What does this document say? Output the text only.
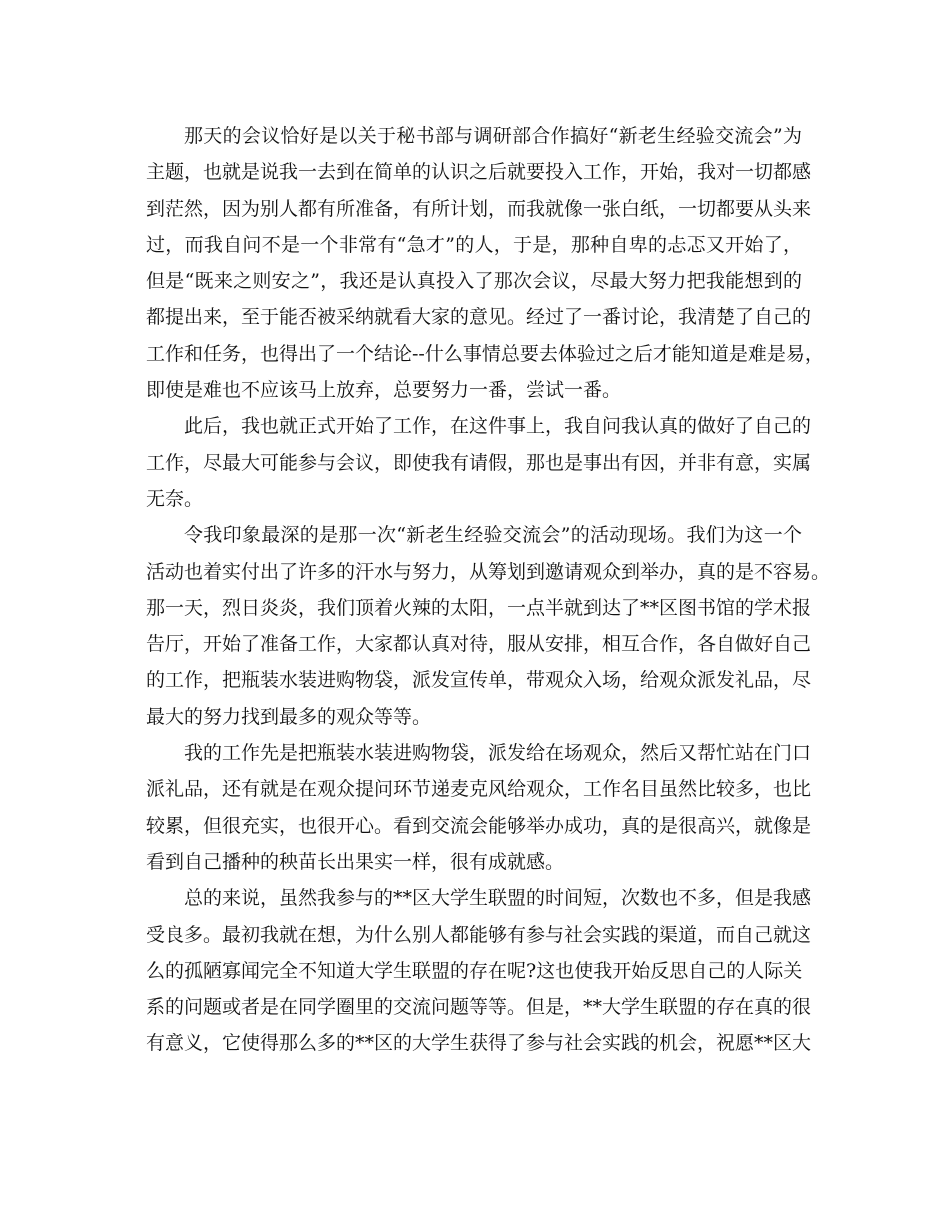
那天的会议恰好是以关于秘书部与调研部合作搞好“新老生经验交流会”为
主题，也就是说我一去到在简单的认识之后就要投入工作，开始，我对一切都感
到茫然，因为别人都有所准备，有所计划，而我就像一张白纸，一切都要从头来
过，而我自问不是一个非常有“急才”的人，于是，那种自卑的忐忑又开始了，
但是“既来之则安之”，我还是认真投入了那次会议，尽最大努力把我能想到的
都提出来，至于能否被采纳就看大家的意见。经过了一番讨论，我清楚了自己的
工作和任务，也得出了一个结论--什么事情总要去体验过之后才能知道是难是易，
即使是难也不应该马上放弃，总要努力一番，尝试一番。
此后，我也就正式开始了工作，在这件事上，我自问我认真的做好了自己的
工作，尽最大可能参与会议，即使我有请假，那也是事出有因，并非有意，实属
无奈。
令我印象最深的是那一次“新老生经验交流会”的活动现场。我们为这一个
活动也着实付出了许多的汗水与努力，从筹划到邀请观众到举办，真的是不容易。
那一天，烈日炎炎，我们顶着火辣的太阳，一点半就到达了**区图书馆的学术报
告厅，开始了准备工作，大家都认真对待，服从安排，相互合作，各自做好自己
的工作，把瓶装水装进购物袋，派发宣传单，带观众入场，给观众派发礼品，尽
最大的努力找到最多的观众等等。
我的工作先是把瓶装水装进购物袋，派发给在场观众，然后又帮忙站在门口
派礼品，还有就是在观众提问环节递麦克风给观众，工作名目虽然比较多，也比
较累，但很充实，也很开心。看到交流会能够举办成功，真的是很高兴，就像是
看到自己播种的秧苗长出果实一样，很有成就感。
总的来说，虽然我参与的**区大学生联盟的时间短，次数也不多，但是我感
受良多。最初我就在想，为什么别人都能够有参与社会实践的渠道，而自己就这
么的孤陋寡闻完全不知道大学生联盟的存在呢?这也使我开始反思自己的人际关
系的问题或者是在同学圈里的交流问题等等。但是，**大学生联盟的存在真的很
有意义，它使得那么多的**区的大学生获得了参与社会实践的机会，祝愿**区大
